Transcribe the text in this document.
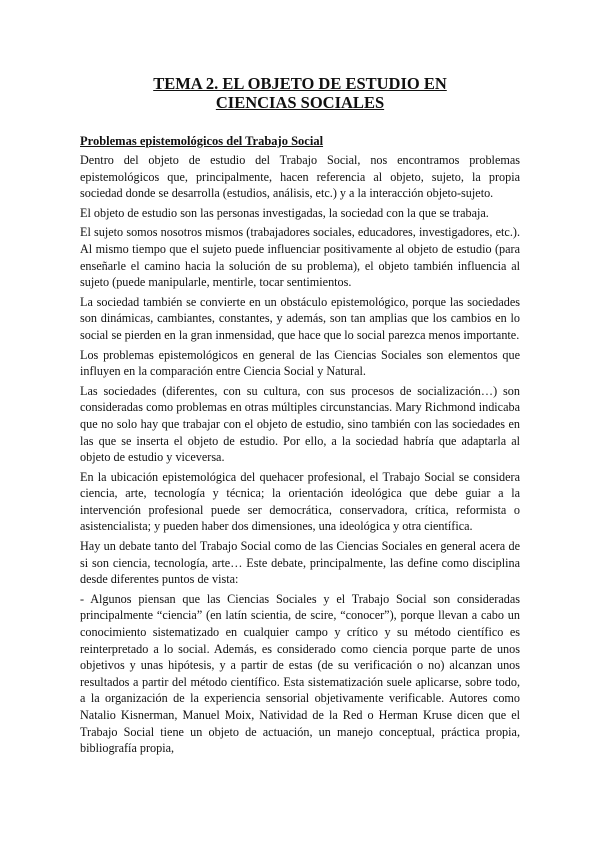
TEMA 2. EL OBJETO DE ESTUDIO EN
CIENCIAS SOCIALES
Problemas epistemológicos del Trabajo Social

Dentro del objeto de estudio del Trabajo Social, nos encontramos problemas epistemológicos que, principalmente, hacen referencia al objeto, sujeto, la propia sociedad donde se desarrolla (estudios, análisis, etc.) y a la interacción objeto-sujeto.

El objeto de estudio son las personas investigadas, la sociedad con la que se trabaja.

El sujeto somos nosotros mismos (trabajadores sociales, educadores, investigadores, etc.). Al mismo tiempo que el sujeto puede influenciar positivamente al objeto de estudio (para enseñarle el camino hacia la solución de su problema), el objeto también influencia al sujeto (puede manipularle, mentirle, tocar sentimientos.

La sociedad también se convierte en un obstáculo epistemológico, porque las sociedades son dinámicas, cambiantes, constantes, y además, son tan amplias que los cambios en lo social se pierden en la gran inmensidad, que hace que lo social parezca menos importante.

Los problemas epistemológicos en general de las Ciencias Sociales son elementos que influyen en la comparación entre Ciencia Social y Natural.

Las sociedades (diferentes, con su cultura, con sus procesos de socialización…) son consideradas como problemas en otras múltiples circunstancias. Mary Richmond indicaba que no solo hay que trabajar con el objeto de estudio, sino también con las sociedades en las que se inserta el objeto de estudio. Por ello, a la sociedad habría que adaptarla al objeto de estudio y viceversa.

En la ubicación epistemológica del quehacer profesional, el Trabajo Social se considera ciencia, arte, tecnología y técnica; la orientación ideológica que debe guiar a la intervención profesional puede ser democrática, conservadora, crítica, reformista o asistencialista; y pueden haber dos dimensiones, una ideológica y otra científica.

Hay un debate tanto del Trabajo Social como de las Ciencias Sociales en general acera de si son ciencia, tecnología, arte… Este debate, principalmente, las define como disciplina desde diferentes puntos de vista:

- Algunos piensan que las Ciencias Sociales y el Trabajo Social son consideradas principalmente “ciencia” (en latín scientia, de scire, “conocer”), porque llevan a cabo un conocimiento sistematizado en cualquier campo y crítico y su método científico es reinterpretado a lo social. Además, es considerado como ciencia porque parte de unos objetivos y unas hipótesis, y a partir de estas (de su verificación o no) alcanzan unos resultados a partir del método científico. Esta sistematización suele aplicarse, sobre todo, a la organización de la experiencia sensorial objetivamente verificable. Autores como Natalio Kisnerman, Manuel Moix, Natividad de la Red o Herman Kruse dicen que el Trabajo Social tiene un objeto de actuación, un manejo conceptual, práctica propia, bibliografía propia,
